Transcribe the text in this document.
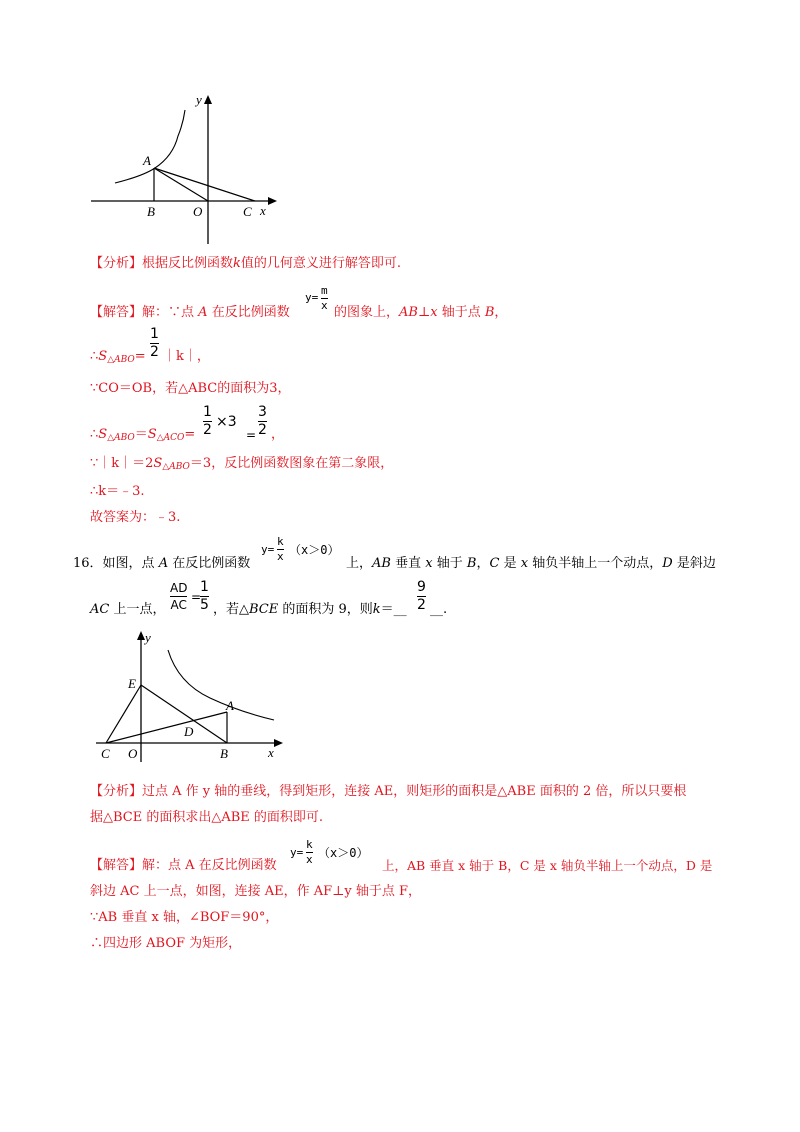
y
A
B	O	C x
【分析】根据反比例函数k值的几何意义进行解答即可.
【解答】解：∵点 A 在反比例函数
y=
m
x 的图象上，AB⊥x 轴于点 B，
$\therefore S_{\triangle ABO}=$
1
2 ｜k｜，
∵CO＝OB，若△ABC的面积为3，
$\therefore S_{\triangle ABO}=S_{\triangle ACO}=$
1
2 ×3
=
3
2 ，
$\because|k|=2S_{\triangle ABO}=3$，反比例函数图象在第二象限，
∴k＝﹣3.
故答案为：﹣3.
16．如图，点 A 在反比例函数
y=
k
x （x＞0）
上，AB 垂直 x 轴于 B，C 是 x 轴负半轴上一个动点，D 是斜边
AC 上一点，
AD
AC
=
1
5 ，若△BCE 的面积为 9，则k＝__
9
2 __.
y
E
A
D
C O	B	x
【分析】过点 A 作 y 轴的垂线，得到矩形，连接 AE，则矩形的面积是△ABE 面积的 2 倍，所以只要根
据△BCE 的面积求出△ABE 的面积即可.
【解答】解：点 A 在反比例函数
y=
k
x （x＞0）
上，AB 垂直 x 轴于 B，C 是 x 轴负半轴上一个动点，D 是
斜边 AC 上一点，如图，连接 AE，作 AF⊥y 轴于点 F，
∵AB 垂直 x 轴，∠BOF＝90°，
∴四边形 ABOF 为矩形，
